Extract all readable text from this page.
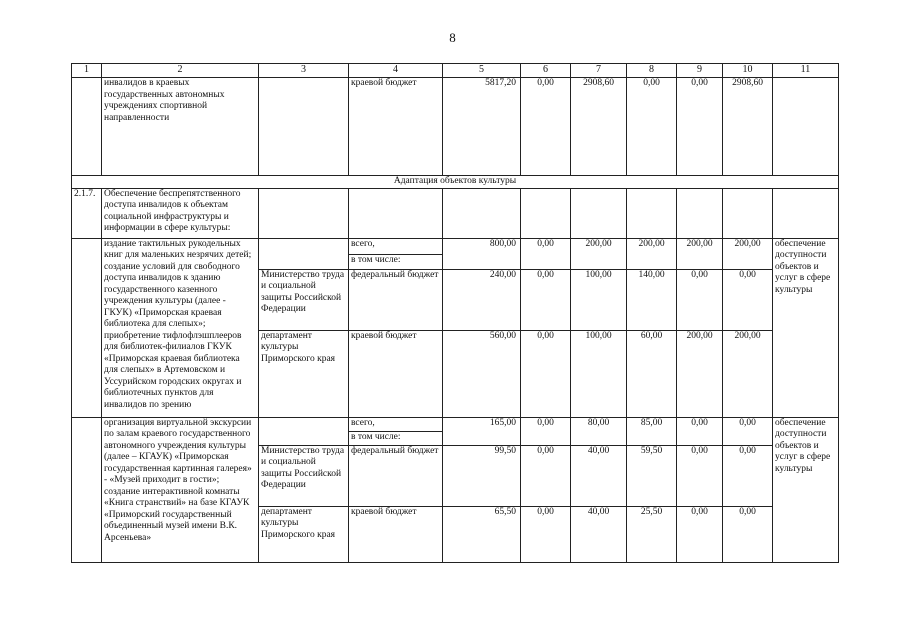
8
1	2	3	4	5	6	7	8	9	10	11
	инвалидов в краевых государственных автономных учреждениях спортивной направленности		краевой бюджет	5817,20	0,00	2908,60	0,00	0,00	2908,60	
Адаптация объектов культуры										
2.1.7.	Обеспечение беспрепятственного доступа инвалидов к объектам социальной инфраструктуры и информации в сфере культуры:									
	издание тактильных рукодельных книг для маленьких незрячих детей; создание условий для свободного доступа инвалидов к зданию государственного казенного учреждения культуры (далее - ГКУК) «Приморская краевая библиотека для слепых»; приобретение тифлофлэшплееров для библиотек-филиалов ГКУК «Приморская краевая библиотека для слепых» в Артемовском и Уссурийском городских округах и библиотечных пунктов для инвалидов по зрению		всего,	800,00	0,00	200,00	200,00	200,00	200,00	обеспечение доступности объектов и услуг в сфере культуры
			в том числе:							
		Министерство труда и социальной защиты Российской Федерации	федеральный бюджет	240,00	0,00	100,00	140,00	0,00	0,00	
		департамент культуры Приморского края	краевой бюджет	560,00	0,00	100,00	60,00	200,00	200,00	
	организация виртуальной экскурсии по залам краевого государственного автономного учреждения культуры (далее – КГАУК) «Приморская государственная картинная галерея» - «Музей приходит в гости»; создание интерактивной комнаты «Книга странствий» на базе КГАУК «Приморский государственный объединенный музей имени В.К. Арсеньева»		всего,	165,00	0,00	80,00	85,00	0,00	0,00	обеспечение доступности объектов и услуг в сфере культуры
			в том числе:							
		Министерство труда и социальной защиты Российской Федерации	федеральный бюджет	99,50	0,00	40,00	59,50	0,00	0,00	
		департамент культуры Приморского края	краевой бюджет	65,50	0,00	40,00	25,50	0,00	0,00	
